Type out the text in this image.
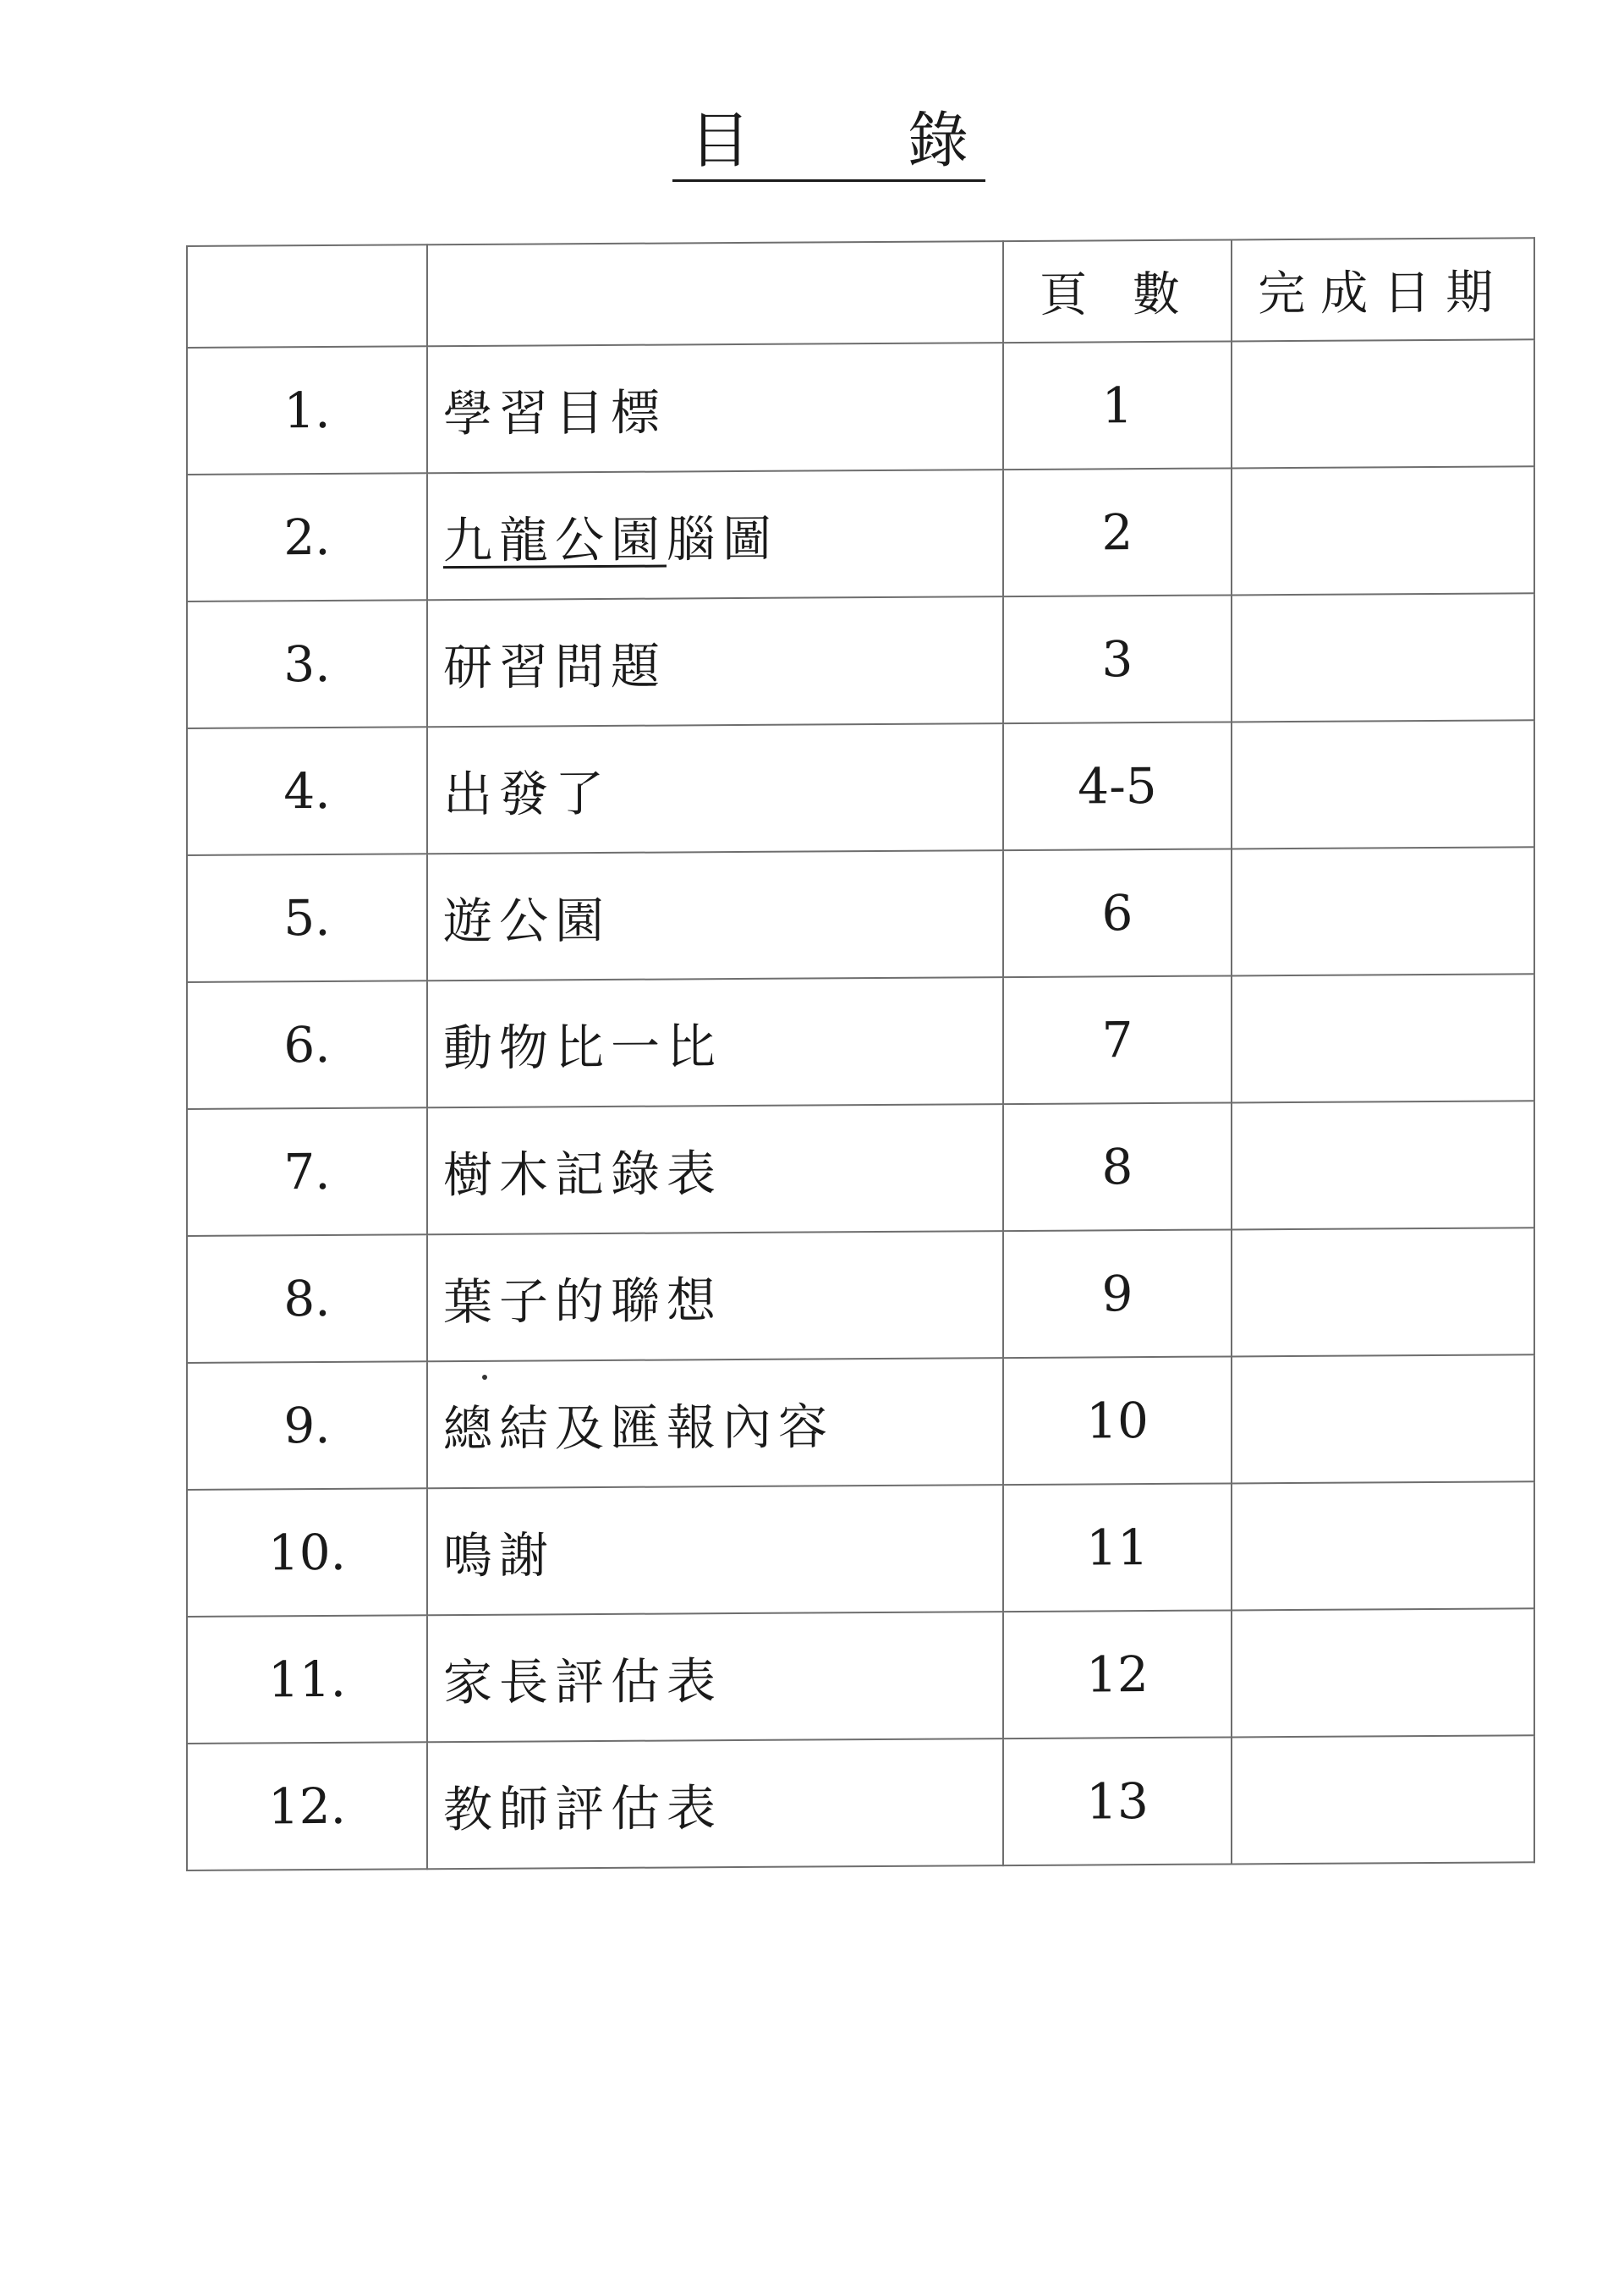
目	錄
		頁 數	完成日期
1.	學習目標	1	
2.	九龍公園腦圖	2	
3.	研習問題	3	
4.	出發了	4-5	
5.	遊公園	6	
6.	動物比一比	7	
7.	樹木記錄表	8	
8.	葉子的聯想	9	
9.	總結及匯報內容	10	
10.	鳴謝	11	
11.	家長評估表	12	
12.	教師評估表	13	
